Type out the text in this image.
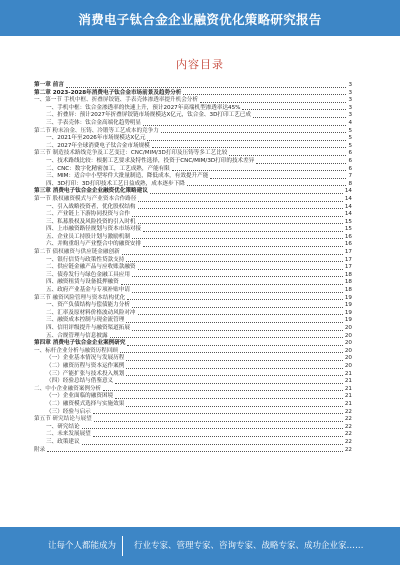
消费电子钛合金企业融资优化策略研究报告
内容目录
第一章 前言	3
第二章 2023-2028年消费电子钛合金市场前景及趋势分析	3
一、第一节 手机中框、折叠屏铰链、手表壳体渗透率提升机会分析	3
一、手机中框：钛合金渗透率的快速上升，预计2027年高端机型渗透率达45%	3
二、折叠屏：预计2027年折叠屏铰链市场规模达X亿元，钛合金、3D打印工艺已成	3
三、手表壳体：钛合金高端化趋势明显	4
第二节 粉末冶金、压铸、冷锻等工艺成本的竞争力	5
一、2021年至2026年市场规模达X亿元	5
二、2027年全球消费电子钛合金市场规模	5
第三节 制造技术路线竞争及工艺变迁：CNC/MIM/3D打印及压铸等多工艺比较	6
一、技术路线比较：根据工艺要求及特性选择，投资于CNC/MIM/3D打印的技术差异	6
二、CNC：数字化精密加工，工艺成熟，产能有限	6
三、MIM：适合中小型零件大批量制造，降低成本，有效提升产能	7
四、3D打印：3D打印技术工艺日益成熟，成本逐步下降	8
第三章 消费电子钛合金企业融资优化策略建议	14
第一节 股权融资模式与产业资本合作路径	14
一、引入战略投资者，优化股权结构	14
二、产业链上下游协同投资与合作	14
三、私募股权及风险投资的引入时机	15
四、上市融资路径规划与资本市场对接	15
五、企业员工持股计划与激励机制	16
六、并购重组与产业整合中的融资安排	16
第二节 债权融资与供应链金融创新	17
一、银行信贷与政策性贷款支持	17
二、供应链金融产品与应收账款融资	17
三、债券发行与绿色金融工具应用	18
四、融资租赁与设备抵押融资	18
五、政府产业基金与专项补贴申请	18
第三节 融资风险管理与资本结构优化	19
一、资产负债结构与偿债能力分析	19
二、汇率及原材料价格波动风险对冲	19
三、融资成本控制与现金流管理	19
四、信用评级提升与融资渠道拓展	20
五、合规管理与信息披露	20
第四章 消费电子钛合金企业案例研究	20
一、标杆企业分析与融资历程回顾	20
（一）企业基本情况与发展历程	20
（二）融资历程与资本运作案例	20
（三）产能扩张与技术投入规划	21
（四）经验总结与借鉴意义	21
二、中小企业融资案例分析	21
（一）企业面临的融资困境	21
（二）融资模式选择与实施效果	21
（三）经验与启示	22
第五节 研究结论与展望	22
一、研究结论	22
二、未来发展展望	22
三、政策建议	22
附录	22
让每个人都能成为 行业专家、管理专家、咨询专家、战略专家、成功企业家……
